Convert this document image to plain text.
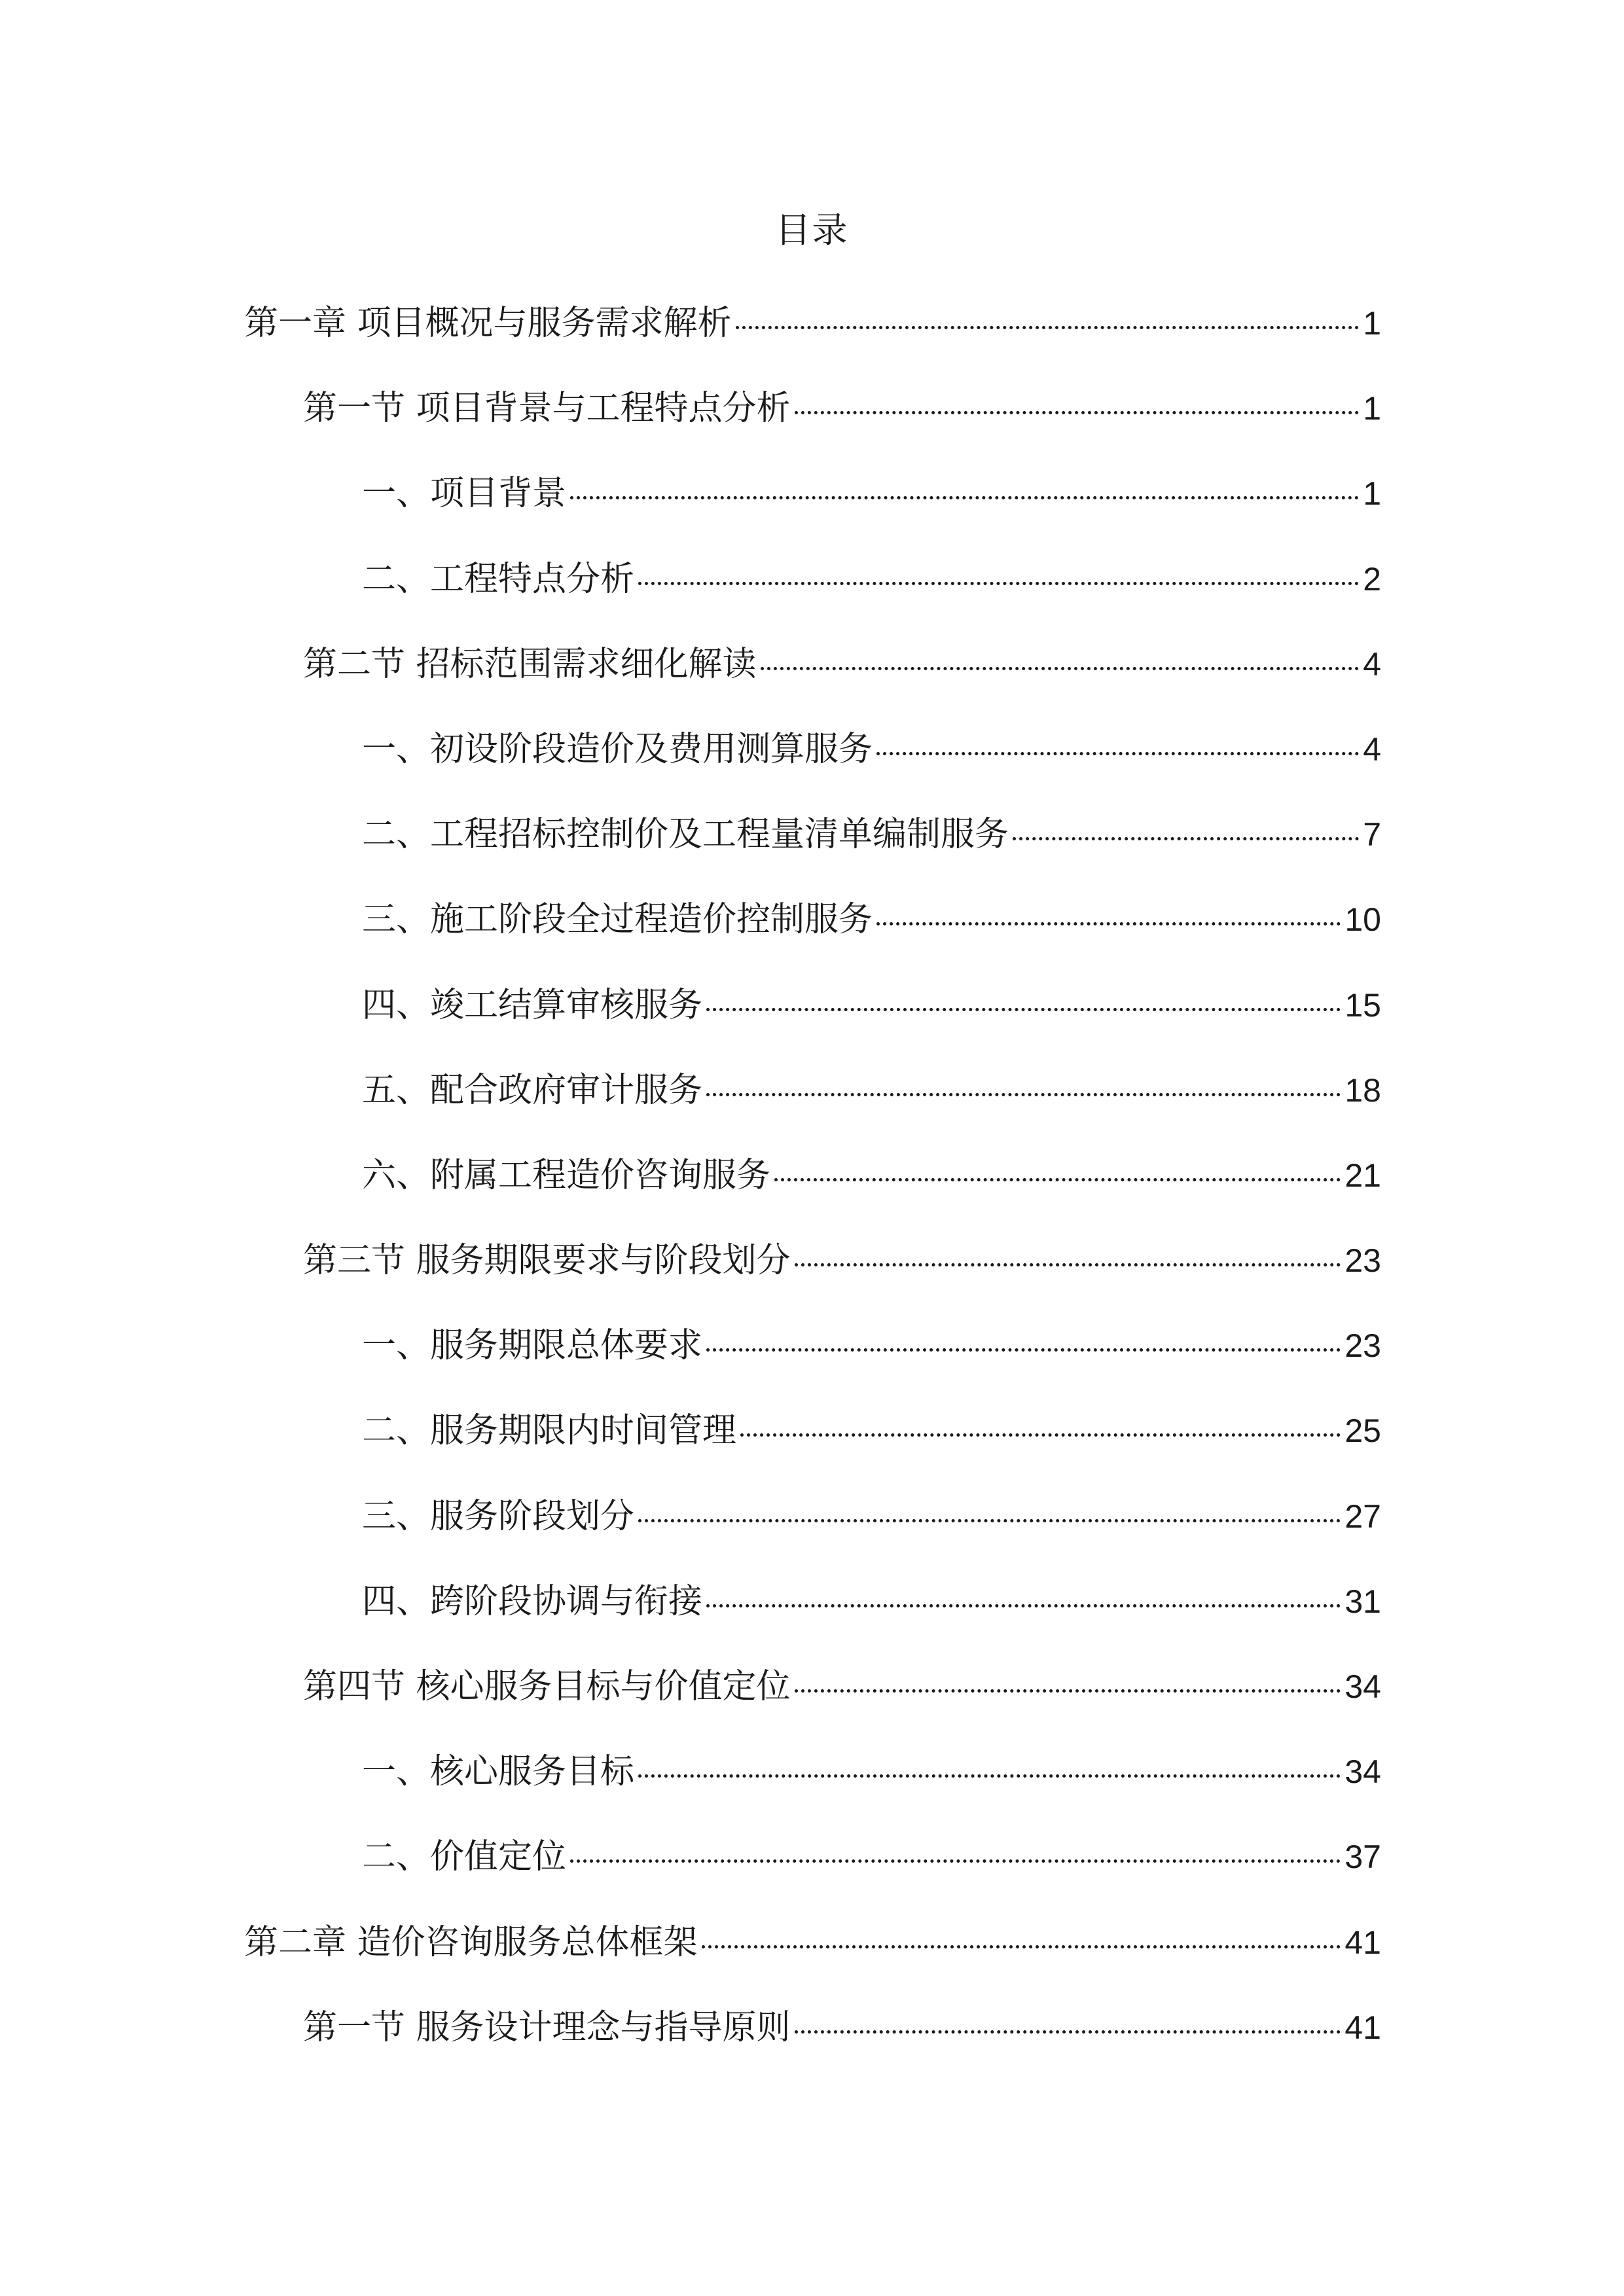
目录
第一章 项目概况与服务需求解析	1
第一节 项目背景与工程特点分析	1
一、 项目背景	1
二、 工程特点分析	2
第二节 招标范围需求细化解读	4
一、 初设阶段造价及费用测算服务	4
二、 工程招标控制价及工程量清单编制服务	7
三、 施工阶段全过程造价控制服务	10
四、 竣工结算审核服务	15
五、 配合政府审计服务	18
六、 附属工程造价咨询服务	21
第三节 服务期限要求与阶段划分	23
一、 服务期限总体要求	23
二、 服务期限内时间管理	25
三、 服务阶段划分	27
四、 跨阶段协调与衔接	31
第四节 核心服务目标与价值定位	34
一、 核心服务目标	34
二、 价值定位	37
第二章 造价咨询服务总体框架	41
第一节 服务设计理念与指导原则	41
